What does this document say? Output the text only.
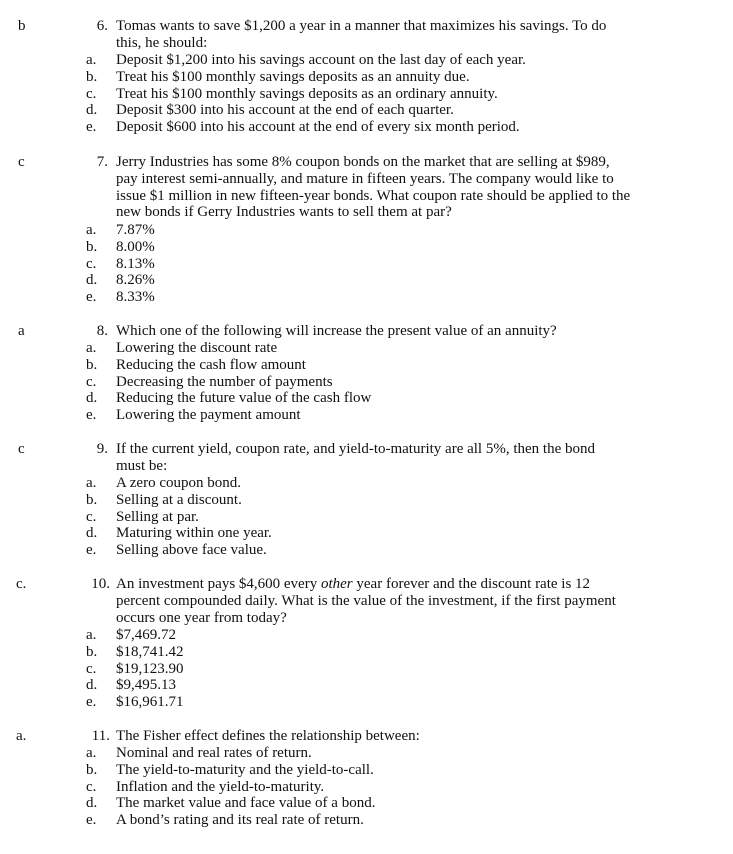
b	6. Tomas wants to save $1,200 a year in a manner that maximizes his savings. To do this, he should:
a.	Deposit $1,200 into his savings account on the last day of each year.
b.	Treat his $100 monthly savings deposits as an annuity due.
c.	Treat his $100 monthly savings deposits as an ordinary annuity.
d.	Deposit $300 into his account at the end of each quarter.
e.	Deposit $600 into his account at the end of every six month period.
c	7. Jerry Industries has some 8% coupon bonds on the market that are selling at $989, pay interest semi-annually, and mature in fifteen years. The company would like to issue $1 million in new fifteen-year bonds. What coupon rate should be applied to the new bonds if Gerry Industries wants to sell them at par?
a.	7.87%
b.	8.00%
c.	8.13%
d.	8.26%
e.	8.33%
a	8. Which one of the following will increase the present value of an annuity?
a.	Lowering the discount rate
b.	Reducing the cash flow amount
c.	Decreasing the number of payments
d.	Reducing the future value of the cash flow
e.	Lowering the payment amount
c	9. If the current yield, coupon rate, and yield-to-maturity are all 5%, then the bond must be:
a.	A zero coupon bond.
b.	Selling at a discount.
c.	Selling at par.
d.	Maturing within one year.
e.	Selling above face value.
c.	10. An investment pays $4,600 every other year forever and the discount rate is 12 percent compounded daily. What is the value of the investment, if the first payment occurs one year from today?
a.	$7,469.72
b.	$18,741.42
c.	$19,123.90
d.	$9,495.13
e.	$16,961.71
a.	11. The Fisher effect defines the relationship between:
a.	Nominal and real rates of return.
b.	The yield-to-maturity and the yield-to-call.
c.	Inflation and the yield-to-maturity.
d.	The market value and face value of a bond.
e.	A bond’s rating and its real rate of return.
